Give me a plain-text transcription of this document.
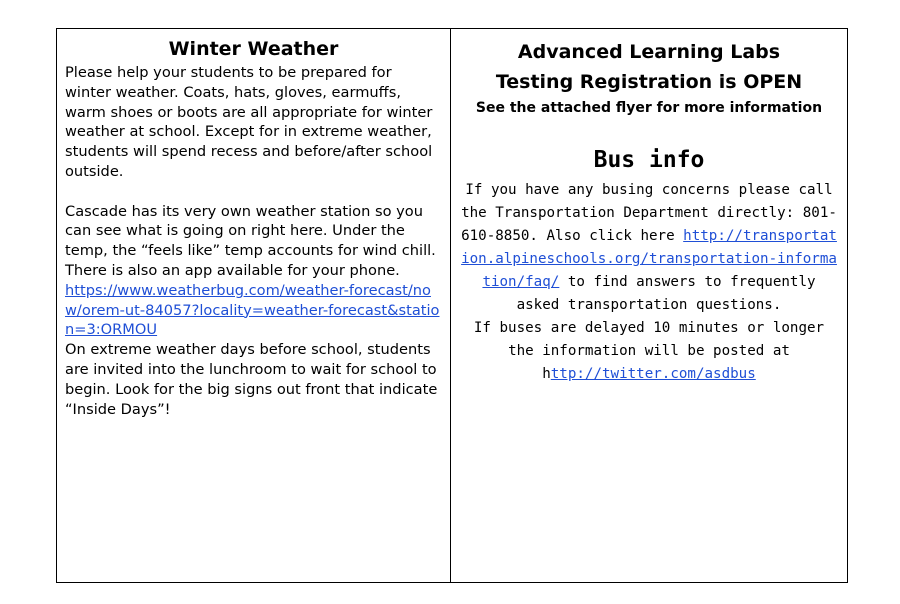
Winter Weather

Please help your students to be prepared for winter weather. Coats, hats, gloves, earmuffs, warm shoes or boots are all appropriate for winter weather at school. Except for in extreme weather, students will spend recess and before/after school outside.

Cascade has its very own weather station so you can see what is going on right here. Under the temp, the “feels like” temp accounts for wind chill. There is also an app available for your phone.

https://www.weatherbug.com/weather-forecast/now/orem-ut-84057?locality=weather-forecast&station=3:ORMOU

On extreme weather days before school, students are invited into the lunchroom to wait for school to begin. Look for the big signs out front that indicate “Inside Days”!

Advanced Learning Labs
Testing Registration is OPEN

See the attached flyer for more information

Bus info

If you have any busing concerns please call the Transportation Department directly: 801-610-8850. Also click here http://transportation.alpineschools.org/transportation-information/faq/ to find answers to frequently asked transportation questions.

If buses are delayed 10 minutes or longer the information will be posted at

http://twitter.com/asdbus
